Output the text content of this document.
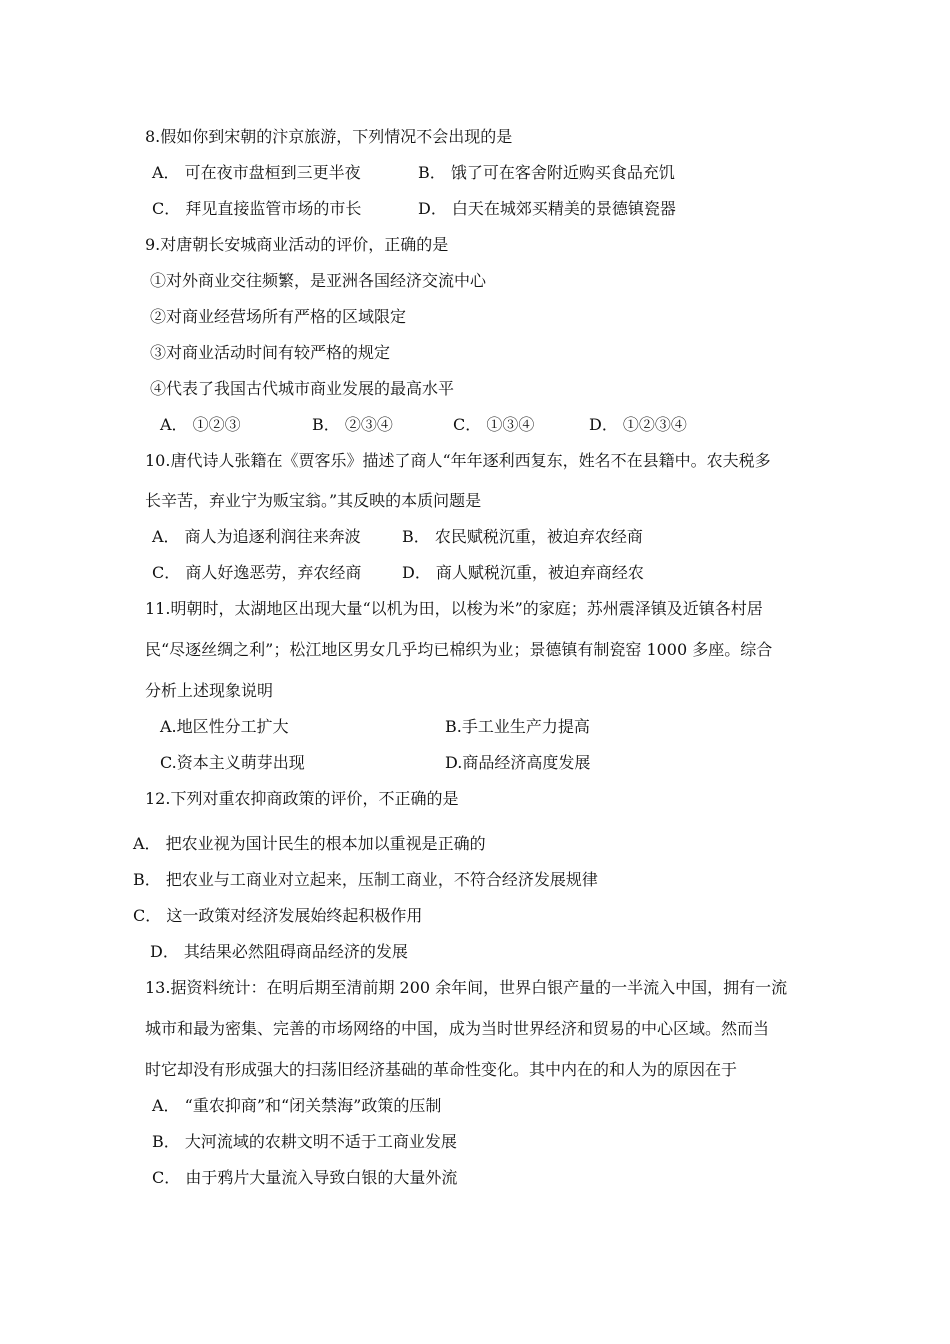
8.假如你到宋朝的汴京旅游，下列情况不会出现的是
A． 可在夜市盘桓到三更半夜	B． 饿了可在客舍附近购买食品充饥
C． 拜见直接监管市场的市长	D． 白天在城郊买精美的景德镇瓷器
9.对唐朝长安城商业活动的评价，正确的是
①对外商业交往频繁，是亚洲各国经济交流中心
②对商业经营场所有严格的区域限定
③对商业活动时间有较严格的规定
④代表了我国古代城市商业发展的最高水平
A． ①②③	B． ②③④	C． ①③④	D． ①②③④
10.唐代诗人张籍在《贾客乐》描述了商人“年年逐利西复东，姓名不在县籍中。农夫税多
长辛苦，弃业宁为贩宝翁。”其反映的本质问题是
A． 商人为追逐利润往来奔波	B． 农民赋税沉重，被迫弃农经商
C． 商人好逸恶劳，弃农经商	D． 商人赋税沉重，被迫弃商经农
11.明朝时，太湖地区出现大量“以机为田，以梭为米”的家庭；苏州震泽镇及近镇各村居
民“尽逐丝绸之利”；松江地区男女几乎均已棉织为业；景德镇有制瓷窑 1000 多座。综合
分析上述现象说明
A.地区性分工扩大	B.手工业生产力提高
C.资本主义萌芽出现	D.商品经济高度发展
12.下列对重农抑商政策的评价，不正确的是
A． 把农业视为国计民生的根本加以重视是正确的
B． 把农业与工商业对立起来，压制工商业，不符合经济发展规律
C． 这一政策对经济发展始终起积极作用
D． 其结果必然阻碍商品经济的发展
13.据资料统计：在明后期至清前期 200 余年间，世界白银产量的一半流入中国，拥有一流
城市和最为密集、完善的市场网络的中国，成为当时世界经济和贸易的中心区域。然而当
时它却没有形成强大的扫荡旧经济基础的革命性变化。其中内在的和人为的原因在于
A． “重农抑商”和“闭关禁海”政策的压制
B． 大河流域的农耕文明不适于工商业发展
C． 由于鸦片大量流入导致白银的大量外流
